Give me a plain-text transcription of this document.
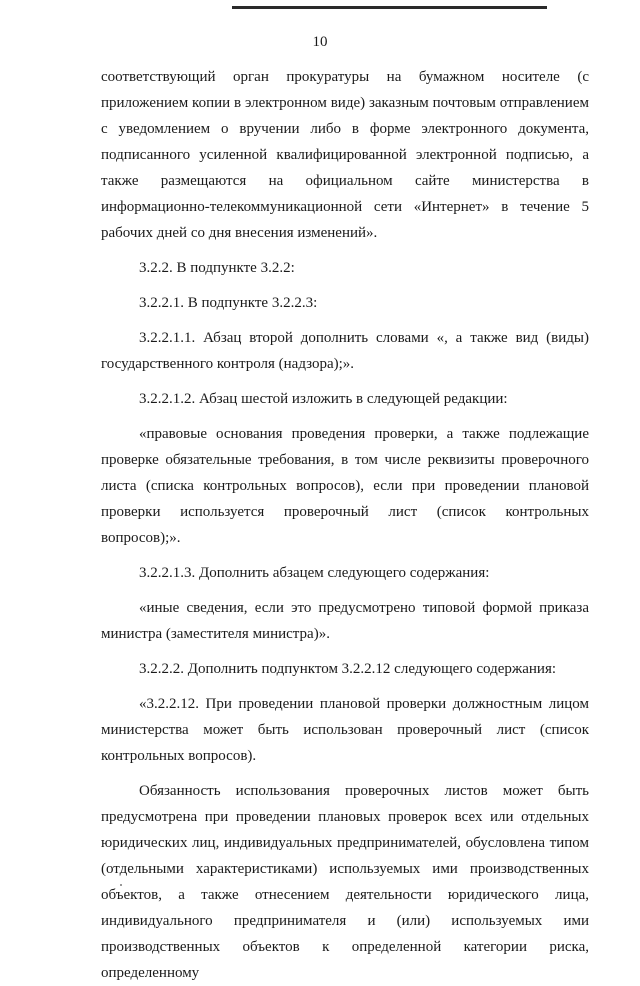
10

соответствующий орган прокуратуры на бумажном носителе (с приложением копии в электронном виде) заказным почтовым отправлением с уведомлением о вручении либо в форме электронного документа, подписанного усиленной квалифицированной электронной подписью, а также размещаются на официальном сайте министерства в информационно-телекоммуникационной сети «Интернет» в течение 5 рабочих дней со дня внесения изменений».

3.2.2. В подпункте 3.2.2:

3.2.2.1. В подпункте 3.2.2.3:

3.2.2.1.1. Абзац второй дополнить словами «, а также вид (виды) государственного контроля (надзора);».

3.2.2.1.2. Абзац шестой изложить в следующей редакции:

«правовые основания проведения проверки, а также подлежащие проверке обязательные требования, в том числе реквизиты проверочного листа (списка контрольных вопросов), если при проведении плановой проверки используется проверочный лист (список контрольных вопросов);».

3.2.2.1.3. Дополнить абзацем следующего содержания:

«иные сведения, если это предусмотрено типовой формой приказа министра (заместителя министра)».

3.2.2.2. Дополнить подпунктом 3.2.2.12 следующего содержания:

«3.2.2.12. При проведении плановой проверки должностным лицом министерства может быть использован проверочный лист (список контрольных вопросов).

Обязанность использования проверочных листов может быть предусмотрена при проведении плановых проверок всех или отдельных юридических лиц, индивидуальных предпринимателей, обусловлена типом (отдельными характеристиками) используемых ими производственных объектов, а также отнесением деятельности юридического лица, индивидуального предпринимателя и (или) используемых ими производственных объектов к определенной категории риска, определенному
